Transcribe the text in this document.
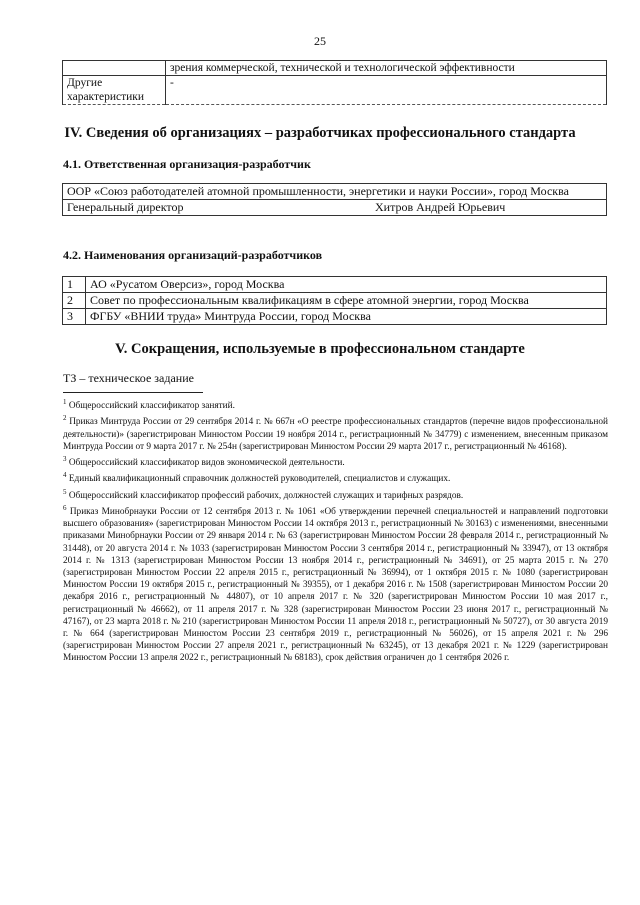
25
	зрения коммерческой, технической и технологической эффективности
Другие характеристики	-
IV. Сведения об организациях – разработчиках профессионального стандарта
4.1. Ответственная организация-разработчик
ООР «Союз работодателей атомной промышленности, энергетики и науки России», город Москва
Генеральный директор	Хитров Андрей Юрьевич
4.2. Наименования организаций-разработчиков
1	АО «Русатом Оверсиз», город Москва
2	Совет по профессиональным квалификациям в сфере атомной энергии, город Москва
3	ФГБУ «ВНИИ труда» Минтруда России, город Москва
V. Сокращения, используемые в профессиональном стандарте
ТЗ – техническое задание

$^1$ Общероссийский классификатор занятий.

$^2$ Приказ Минтруда России от 29 сентября 2014 г. № 667н «О реестре профессиональных стандартов (перечне видов профессиональной деятельности)» (зарегистрирован Минюстом России 19 ноября 2014 г., регистрационный № 34779) с изменением, внесенным приказом Минтруда России от 9 марта 2017 г. № 254н (зарегистрирован Минюстом России 29 марта 2017 г., регистрационный № 46168).

$^3$ Общероссийский классификатор видов экономической деятельности.

$^4$ Единый квалификационный справочник должностей руководителей, специалистов и служащих.

$^5$ Общероссийский классификатор профессий рабочих, должностей служащих и тарифных разрядов.

$^6$ Приказ Минобрнауки России от 12 сентября 2013 г. № 1061 «Об утверждении перечней специальностей и направлений подготовки высшего образования» (зарегистрирован Минюстом России 14 октября 2013 г., регистрационный № 30163) с изменениями, внесенными приказами Минобрнауки России от 29 января 2014 г. № 63 (зарегистрирован Минюстом России 28 февраля 2014 г., регистрационный № 31448), от 20 августа 2014 г. № 1033 (зарегистрирован Минюстом России 3 сентября 2014 г., регистрационный № 33947), от 13 октября 2014 г. № 1313 (зарегистрирован Минюстом России 13 ноября 2014 г., регистрационный № 34691), от 25 марта 2015 г. № 270 (зарегистрирован Минюстом России 22 апреля 2015 г., регистрационный № 36994), от 1 октября 2015 г. № 1080 (зарегистрирован Минюстом России 19 октября 2015 г., регистрационный № 39355), от 1 декабря 2016 г. № 1508 (зарегистрирован Минюстом России 20 декабря 2016 г., регистрационный № 44807), от 10 апреля 2017 г. № 320 (зарегистрирован Минюстом России 10 мая 2017 г., регистрационный № 46662), от 11 апреля 2017 г. № 328 (зарегистрирован Минюстом России 23 июня 2017 г., регистрационный № 47167), от 23 марта 2018 г. № 210 (зарегистрирован Минюстом России 11 апреля 2018 г., регистрационный № 50727), от 30 августа 2019 г. № 664 (зарегистрирован Минюстом России 23 сентября 2019 г., регистрационный № 56026), от 15 апреля 2021 г. № 296 (зарегистрирован Минюстом России 27 апреля 2021 г., регистрационный № 63245), от 13 декабря 2021 г. № 1229 (зарегистрирован Минюстом России 13 апреля 2022 г., регистрационный № 68183), срок действия ограничен до 1 сентября 2026 г.
